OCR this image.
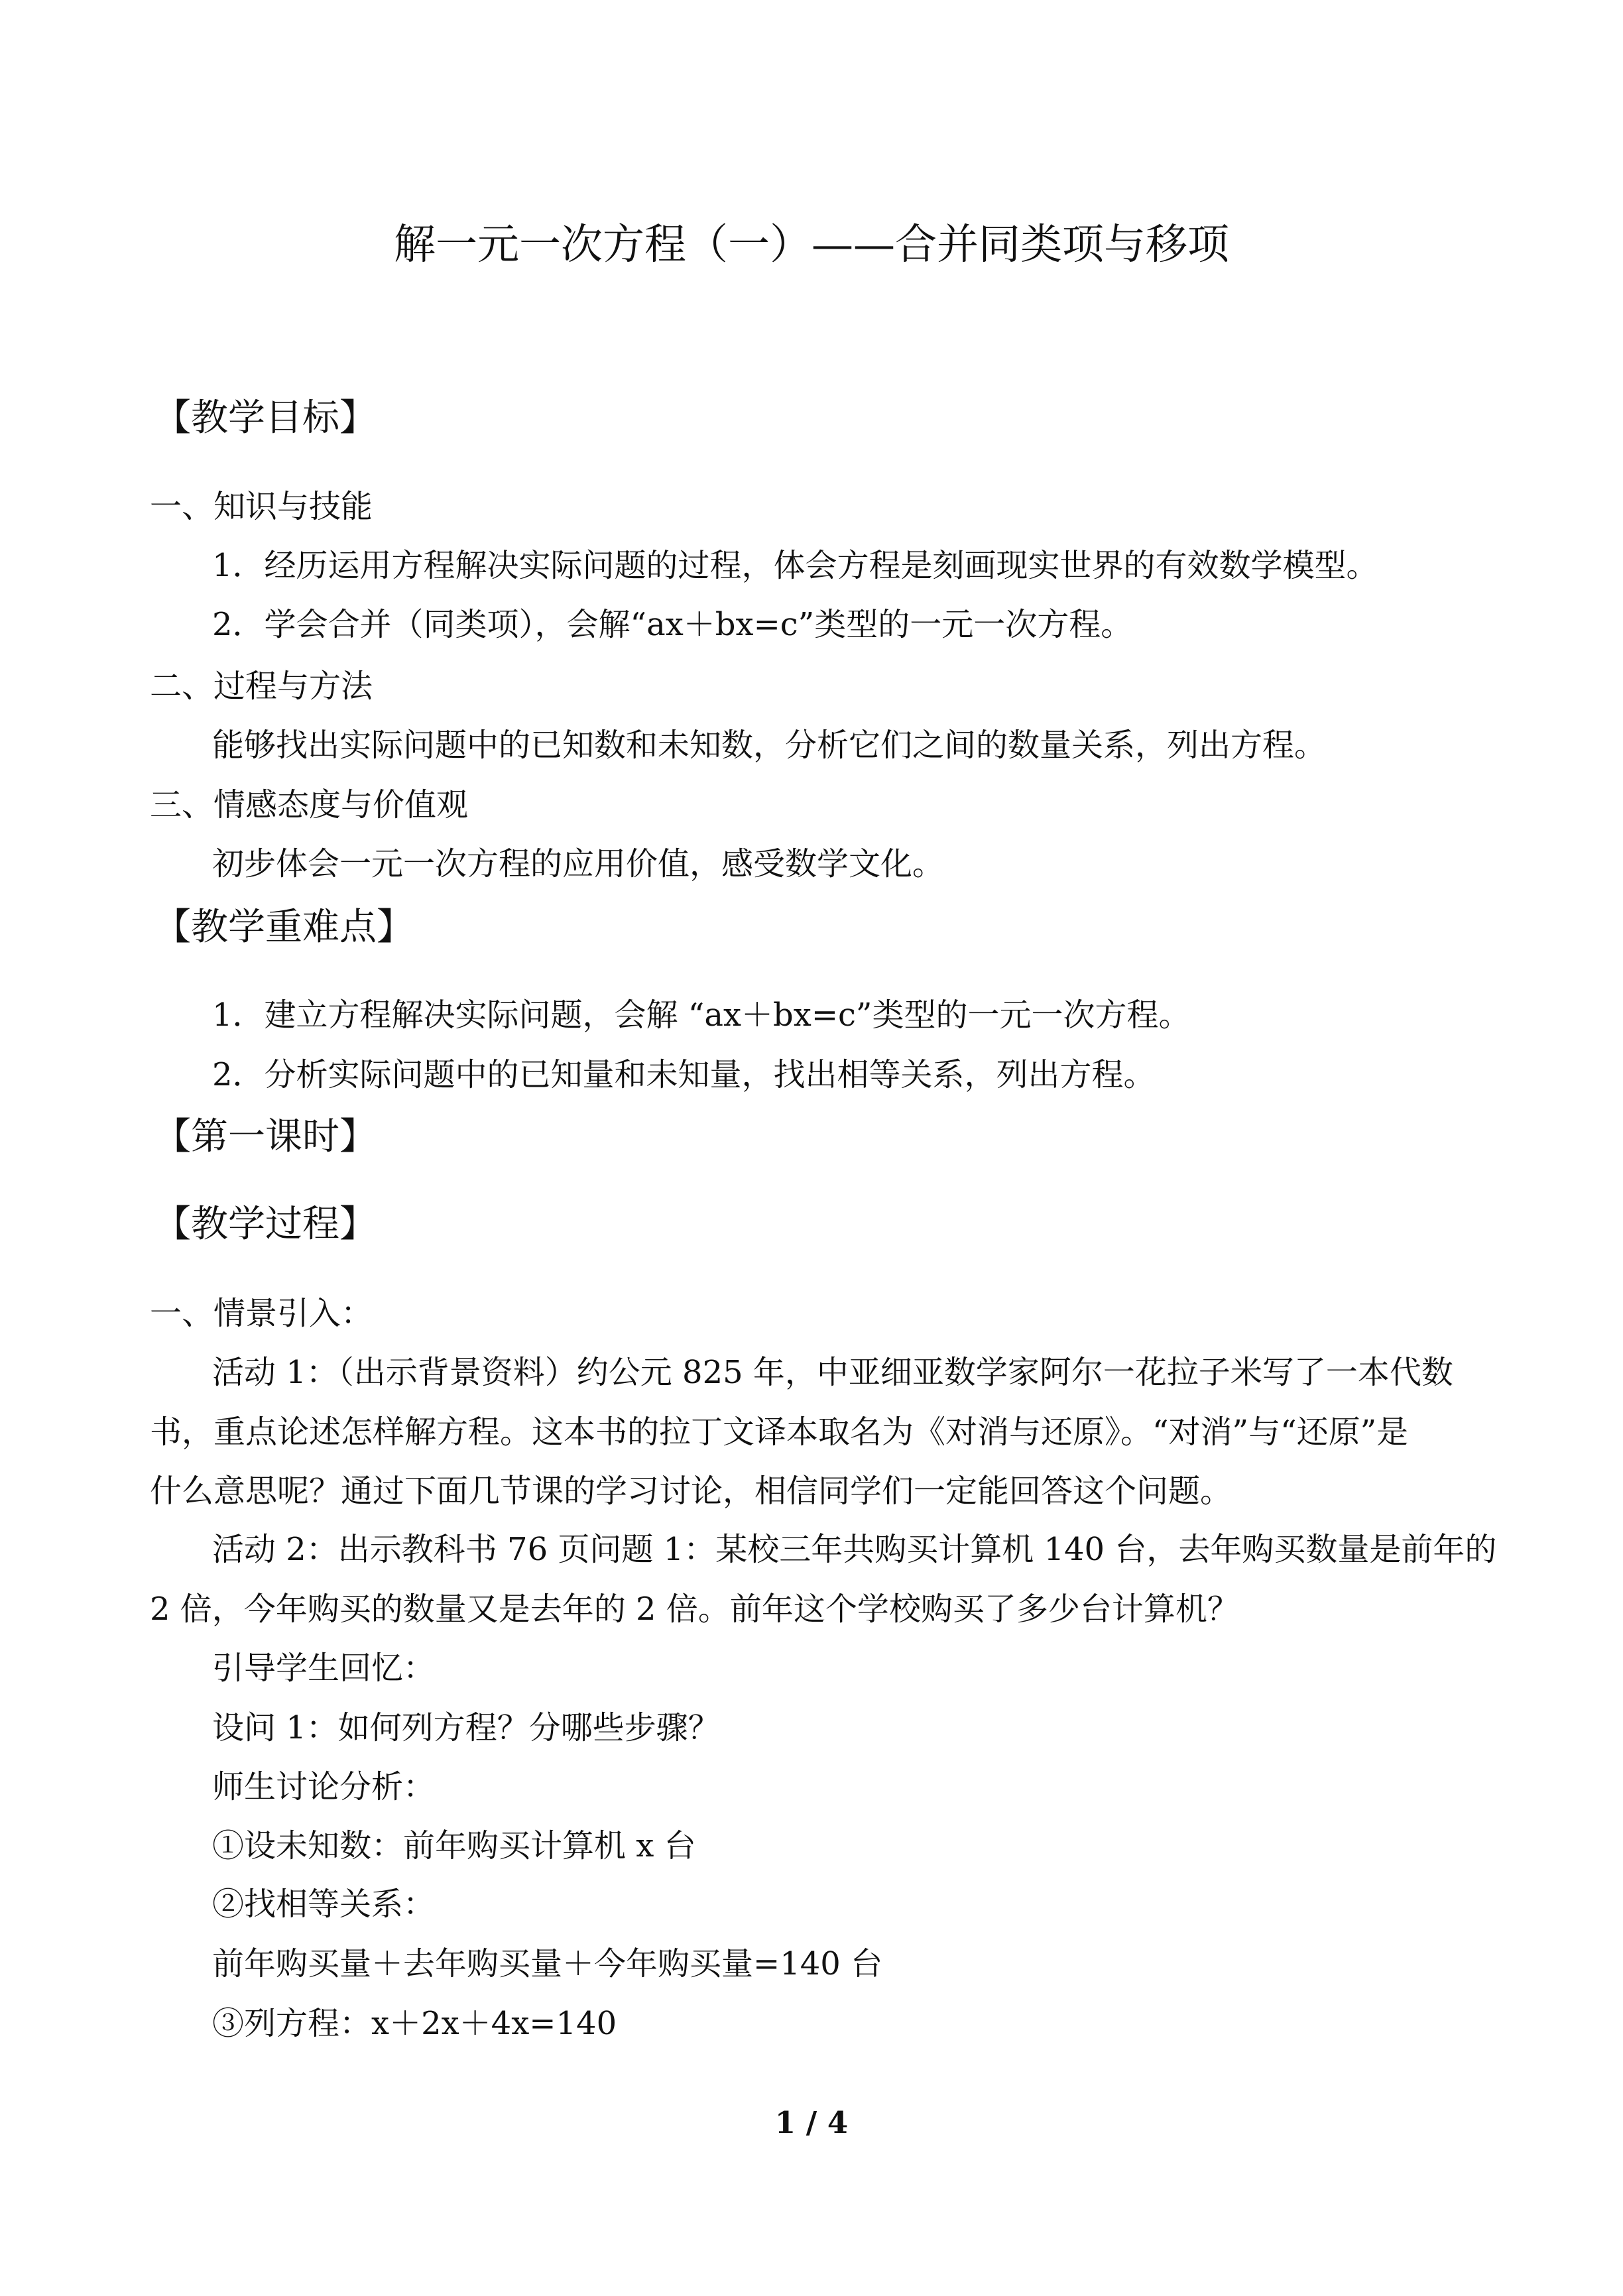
解一元一次方程（一）——合并同类项与移项
【教学目标】
一、知识与技能
1．经历运用方程解决实际问题的过程，体会方程是刻画现实世界的有效数学模型。
2．学会合并（同类项），会解“ax＋bx=c”类型的一元一次方程。
二、过程与方法
能够找出实际问题中的已知数和未知数，分析它们之间的数量关系，列出方程。
三、情感态度与价值观
初步体会一元一次方程的应用价值，感受数学文化。
【教学重难点】
1．建立方程解决实际问题，会解 “ax＋bx=c”类型的一元一次方程。
2．分析实际问题中的已知量和未知量，找出相等关系，列出方程。
【第一课时】
【教学过程】
一、情景引入：
活动 1：（出示背景资料）约公元 825 年，中亚细亚数学家阿尔一花拉子米写了一本代数
书，重点论述怎样解方程。这本书的拉丁文译本取名为《对消与还原》。“对消”与“还原”是
什么意思呢？通过下面几节课的学习讨论，相信同学们一定能回答这个问题。
活动 2：出示教科书 76 页问题 1：某校三年共购买计算机 140 台，去年购买数量是前年的
2 倍，今年购买的数量又是去年的 2 倍。前年这个学校购买了多少台计算机？
引导学生回忆：
设问 1：如何列方程？分哪些步骤？
师生讨论分析：
①设未知数：前年购买计算机 x 台
②找相等关系：
前年购买量＋去年购买量＋今年购买量=140 台
③列方程：x＋2x＋4x=140
1 / 4
